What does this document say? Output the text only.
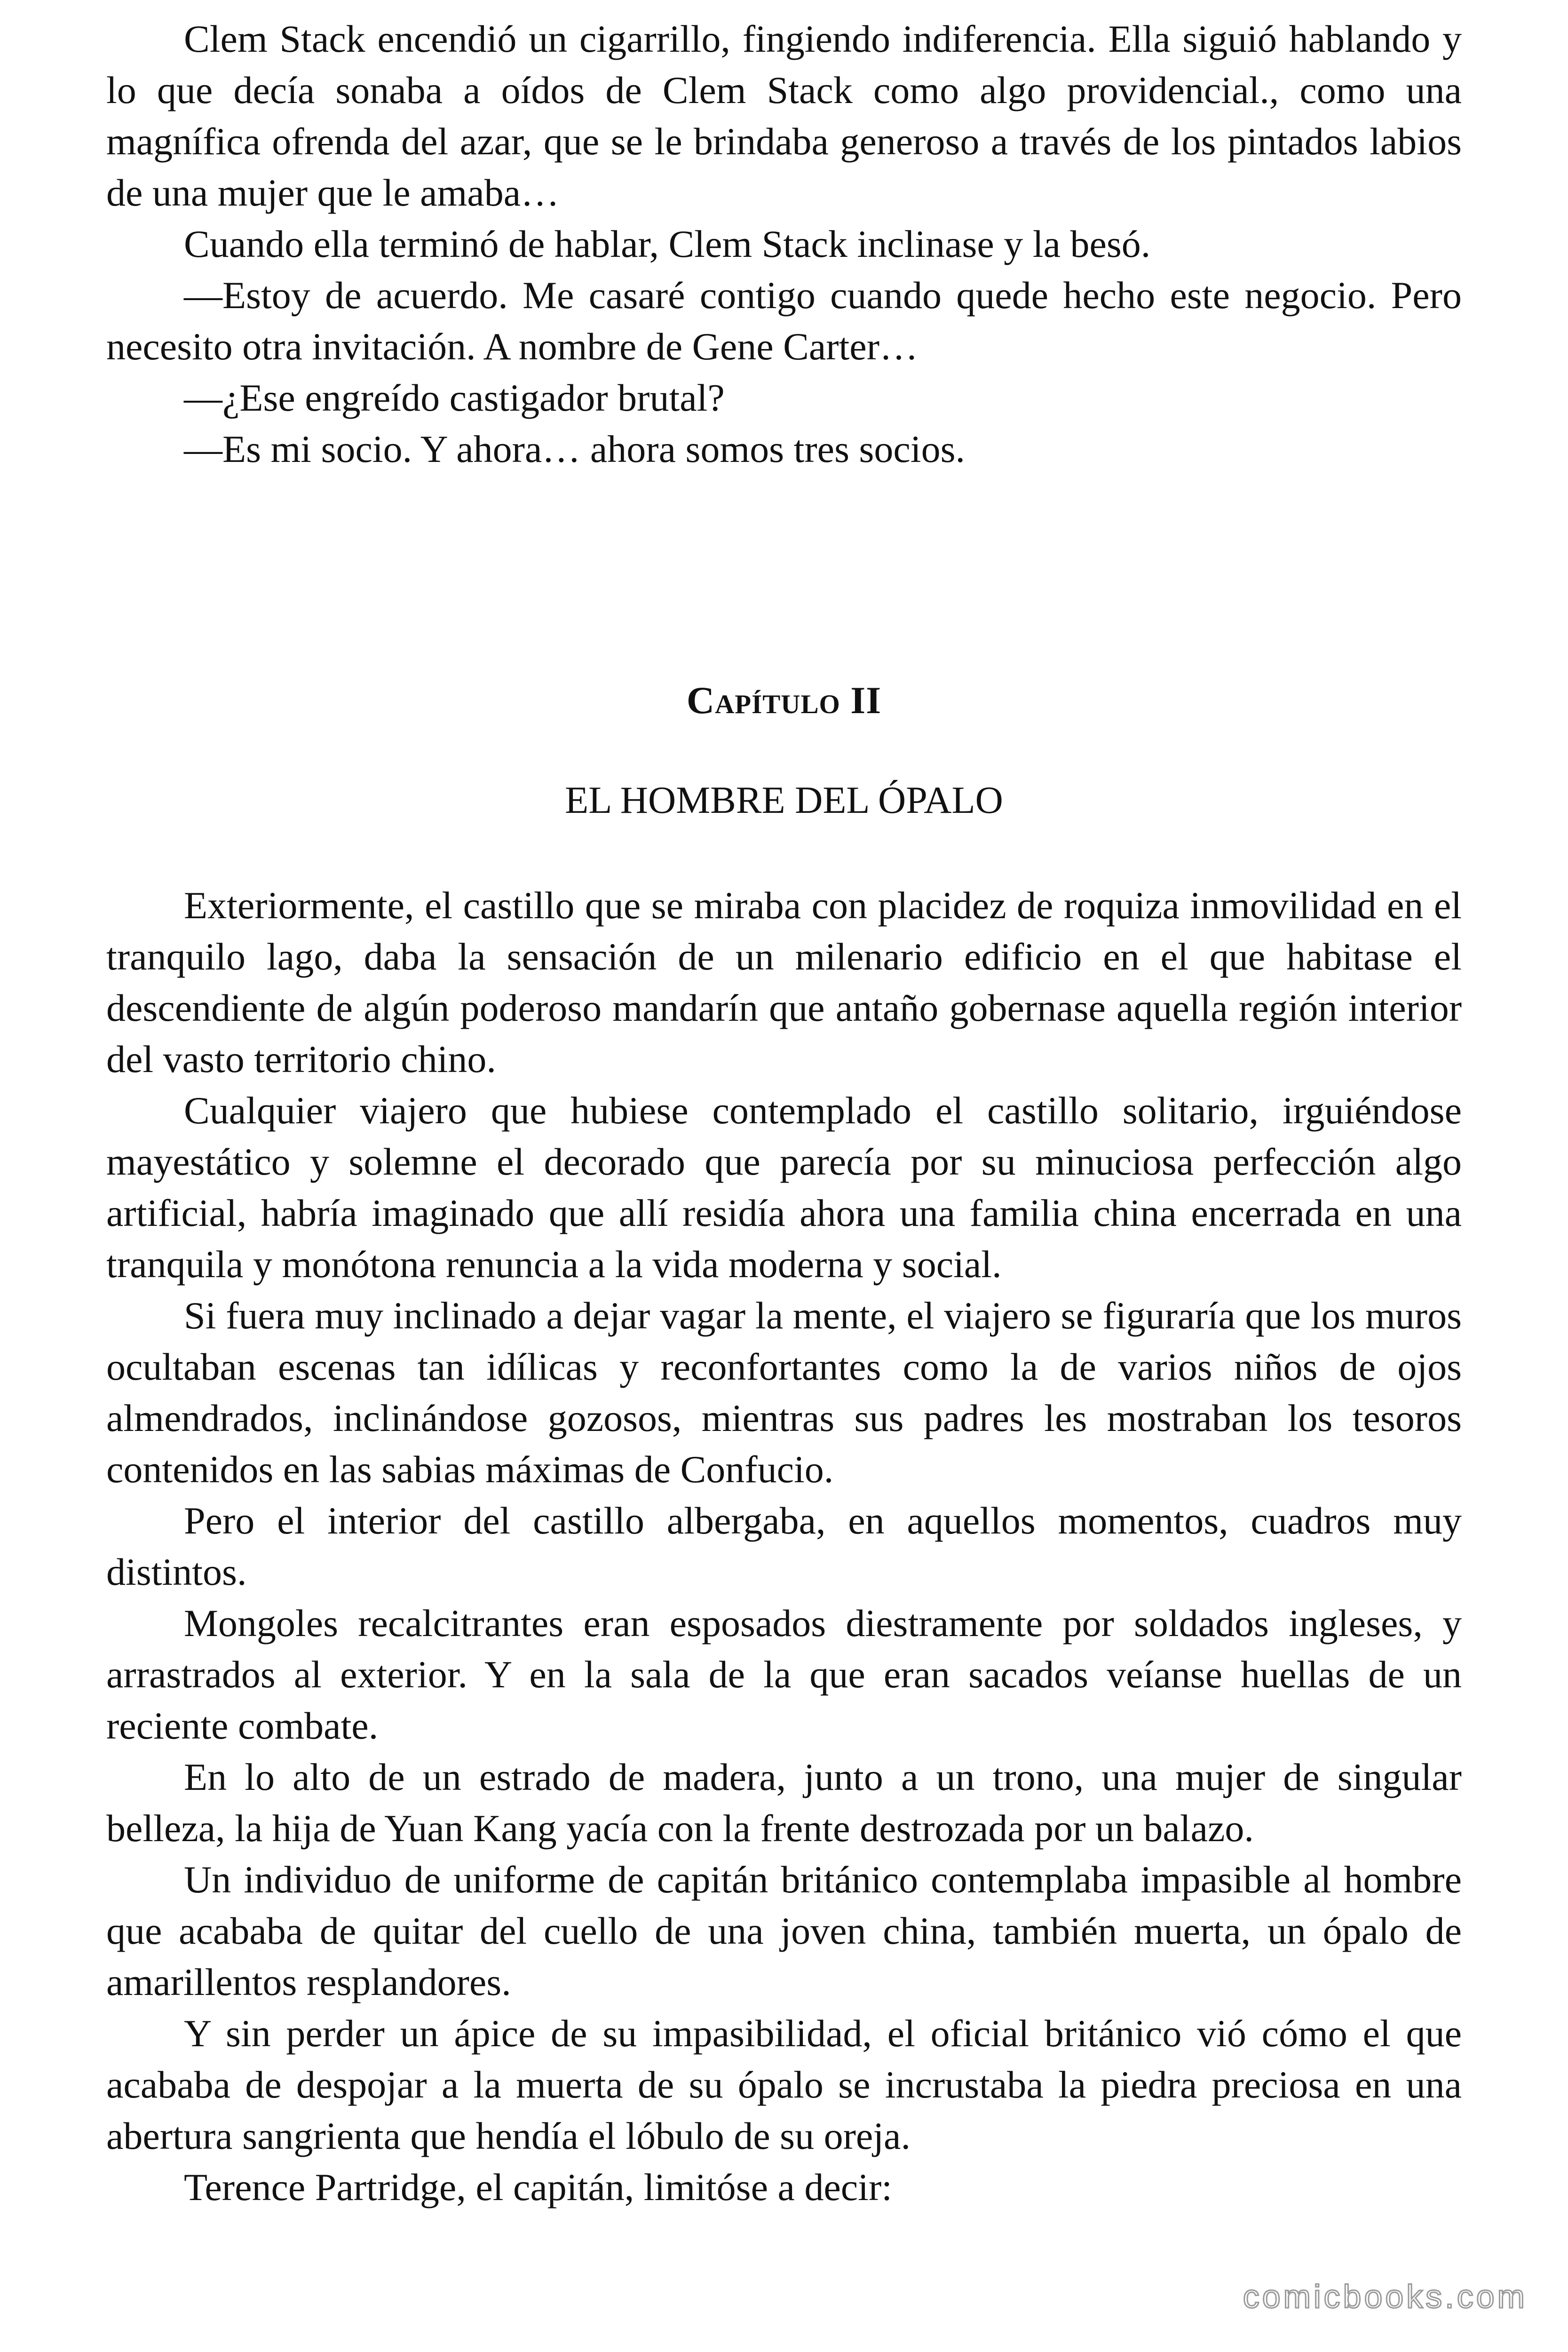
Clem Stack encendió un cigarrillo, fingiendo indiferencia. Ella siguió hablando y lo que decía sonaba a oídos de Clem Stack como algo providencial., como una magnífica ofrenda del azar, que se le brindaba generoso a través de los pintados labios de una mujer que le amaba…

Cuando ella terminó de hablar, Clem Stack inclinase y la besó.

—Estoy de acuerdo. Me casaré contigo cuando quede hecho este negocio. Pero necesito otra invitación. A nombre de Gene Carter…

—¿Ese engreído castigador brutal?

—Es mi socio. Y ahora… ahora somos tres socios.

Capítulo II
EL HOMBRE DEL ÓPALO

Exteriormente, el castillo que se miraba con placidez de roquiza inmovilidad en el tranquilo lago, daba la sensación de un milenario edificio en el que habitase el descendiente de algún poderoso mandarín que antaño gobernase aquella región interior del vasto territorio chino.

Cualquier viajero que hubiese contemplado el castillo solitario, irguiéndose mayestático y solemne el decorado que parecía por su minuciosa perfección algo artificial, habría imaginado que allí residía ahora una familia china encerrada en una tranquila y monótona renuncia a la vida moderna y social.

Si fuera muy inclinado a dejar vagar la mente, el viajero se figuraría que los muros ocultaban escenas tan idílicas y reconfortantes como la de varios niños de ojos almendrados, inclinándose gozosos, mientras sus padres les mostraban los tesoros contenidos en las sabias máximas de Confucio.

Pero el interior del castillo albergaba, en aquellos momentos, cuadros muy distintos.

Mongoles recalcitrantes eran esposados diestramente por soldados ingleses, y arrastrados al exterior. Y en la sala de la que eran sacados veíanse huellas de un reciente combate.

En lo alto de un estrado de madera, junto a un trono, una mujer de singular belleza, la hija de Yuan Kang yacía con la frente destrozada por un balazo.

Un individuo de uniforme de capitán británico contemplaba impasible al hombre que acababa de quitar del cuello de una joven china, también muerta, un ópalo de amarillentos resplandores.

Y sin perder un ápice de su impasibilidad, el oficial británico vió cómo el que acababa de despojar a la muerta de su ópalo se incrustaba la piedra preciosa en una abertura sangrienta que hendía el lóbulo de su oreja.

Terence Partridge, el capitán, limitóse a decir:

comicbooks.com
